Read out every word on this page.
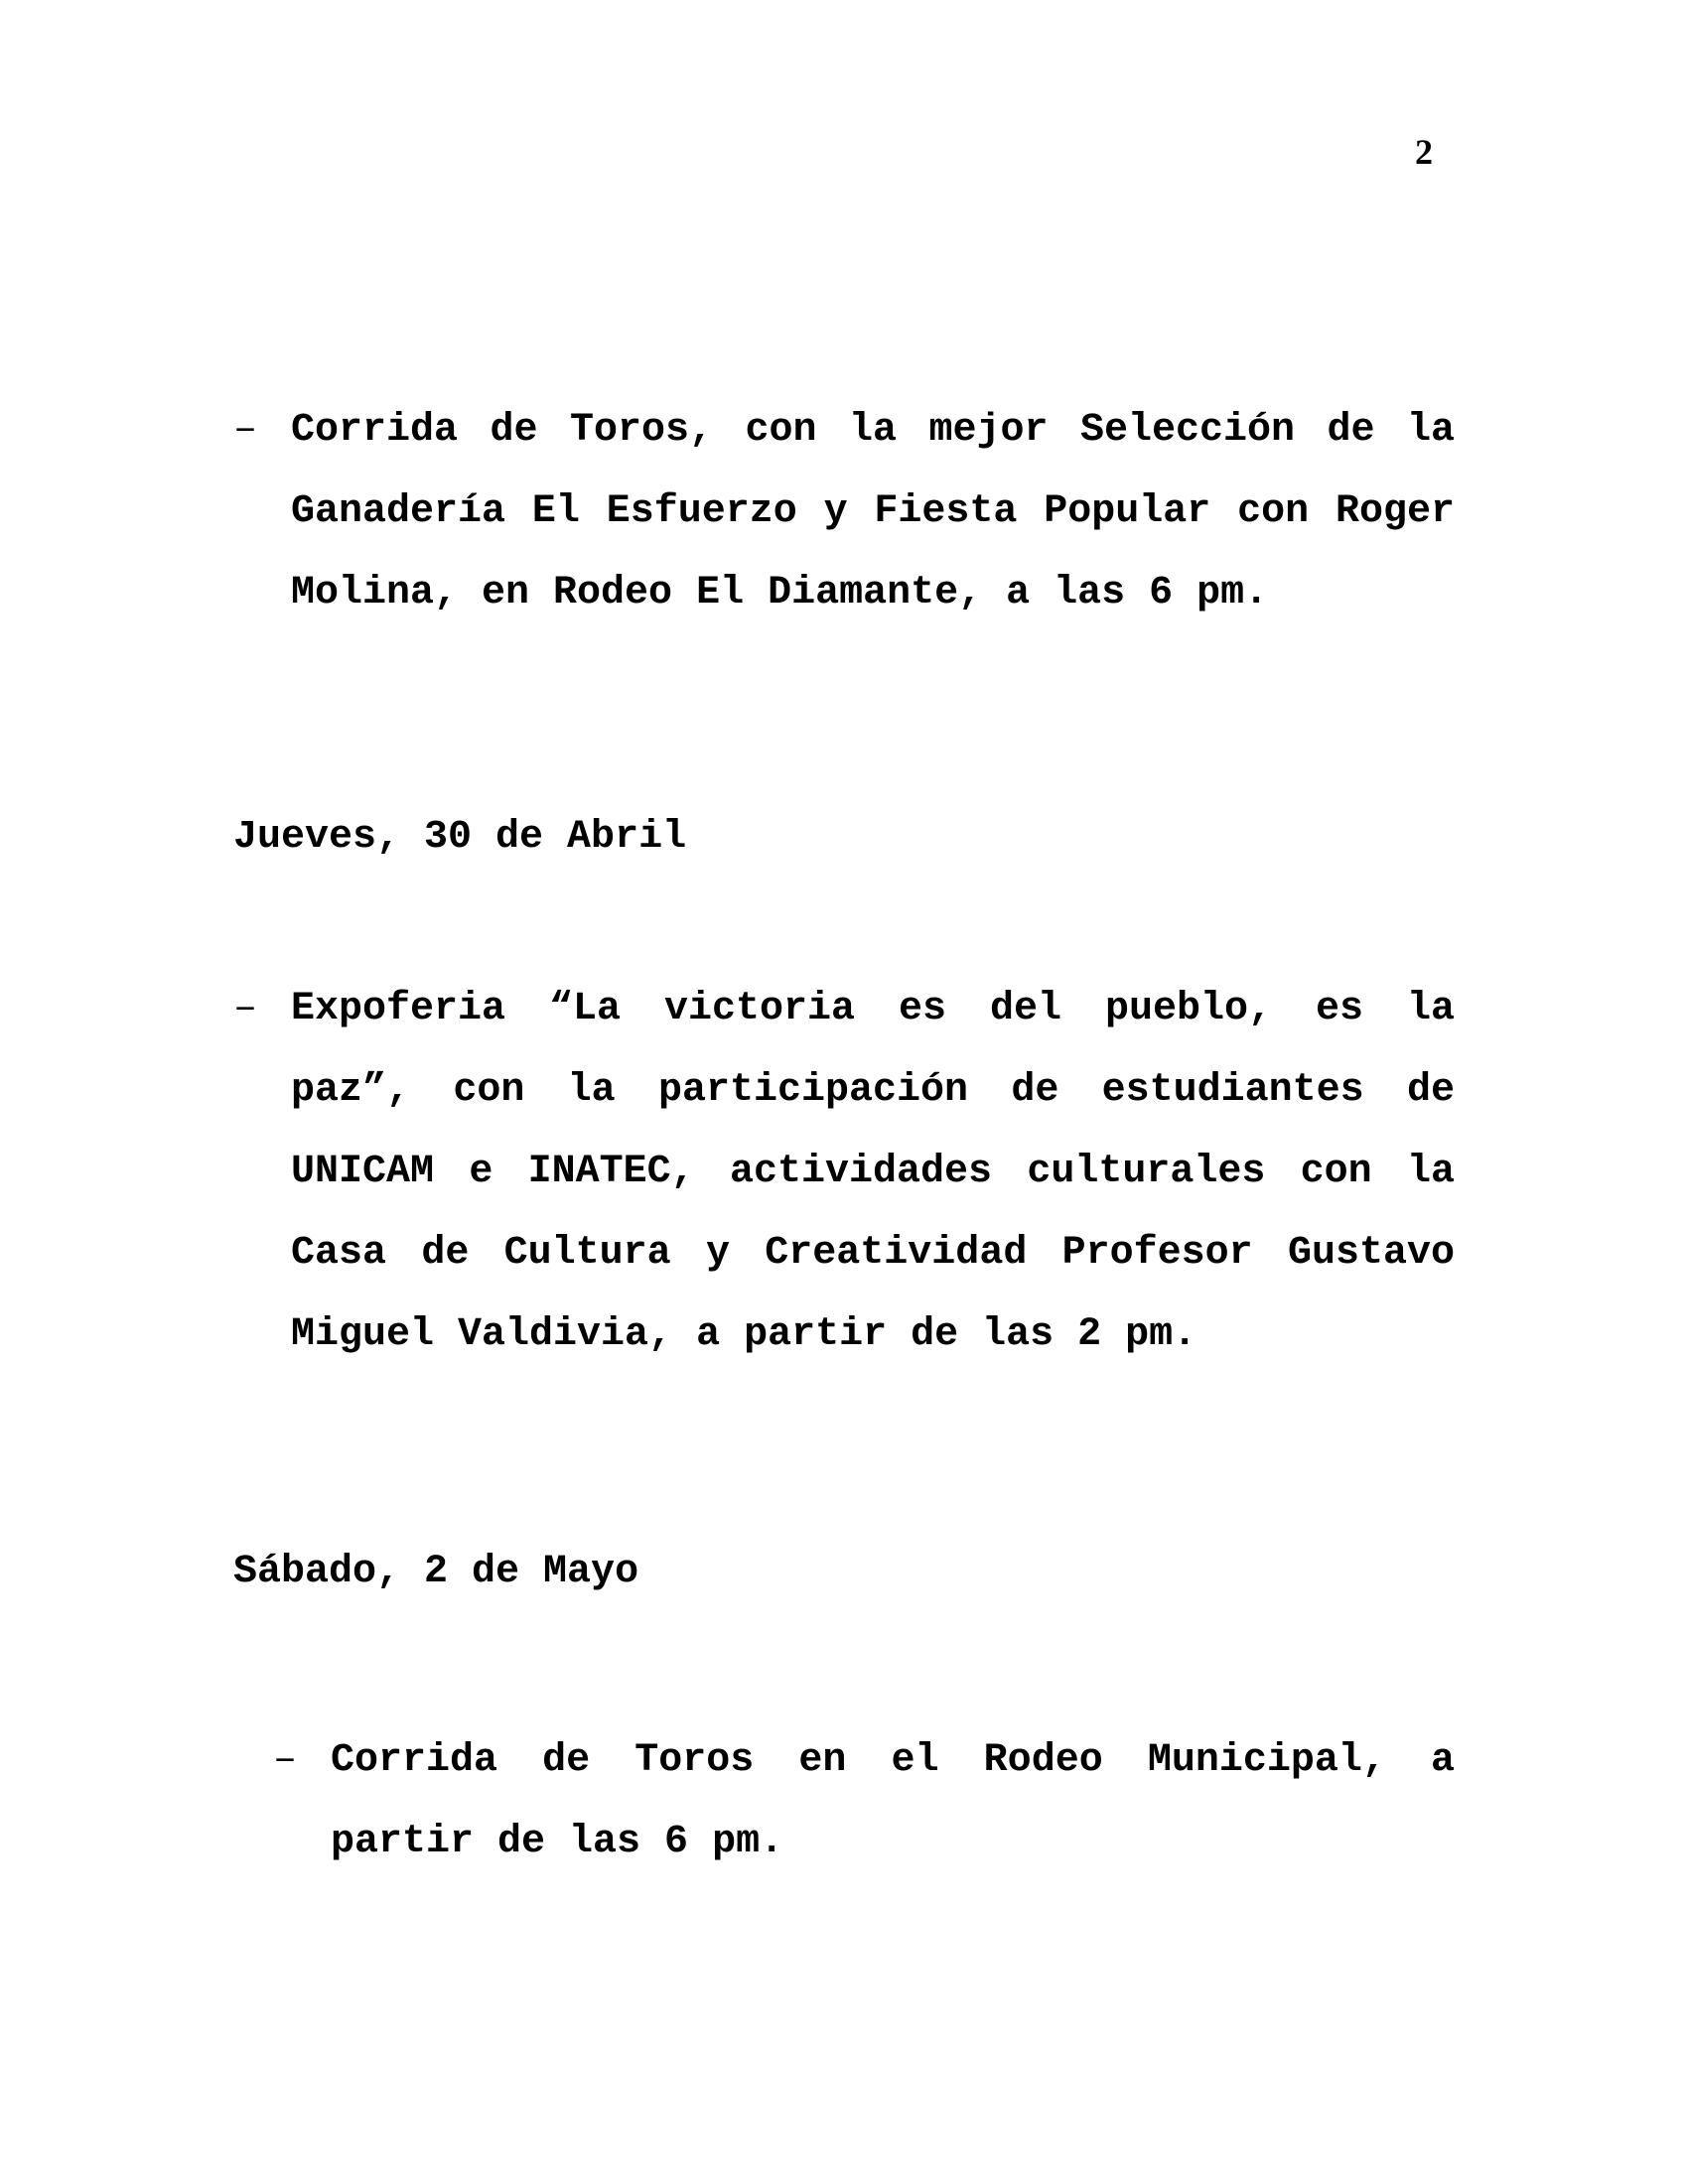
2
– Corrida de Toros, con la mejor Selección de la Ganadería El Esfuerzo y Fiesta Popular con Roger Molina, en Rodeo El Diamante, a las 6 pm.
Jueves, 30 de Abril
– Expoferia “La victoria es del pueblo, es la paz”, con la participación de estudiantes de UNICAM e INATEC, actividades culturales con la Casa de Cultura y Creatividad Profesor Gustavo Miguel Valdivia, a partir de las 2 pm.
Sábado, 2 de Mayo
– Corrida de Toros en el Rodeo Municipal, a partir de las 6 pm.
